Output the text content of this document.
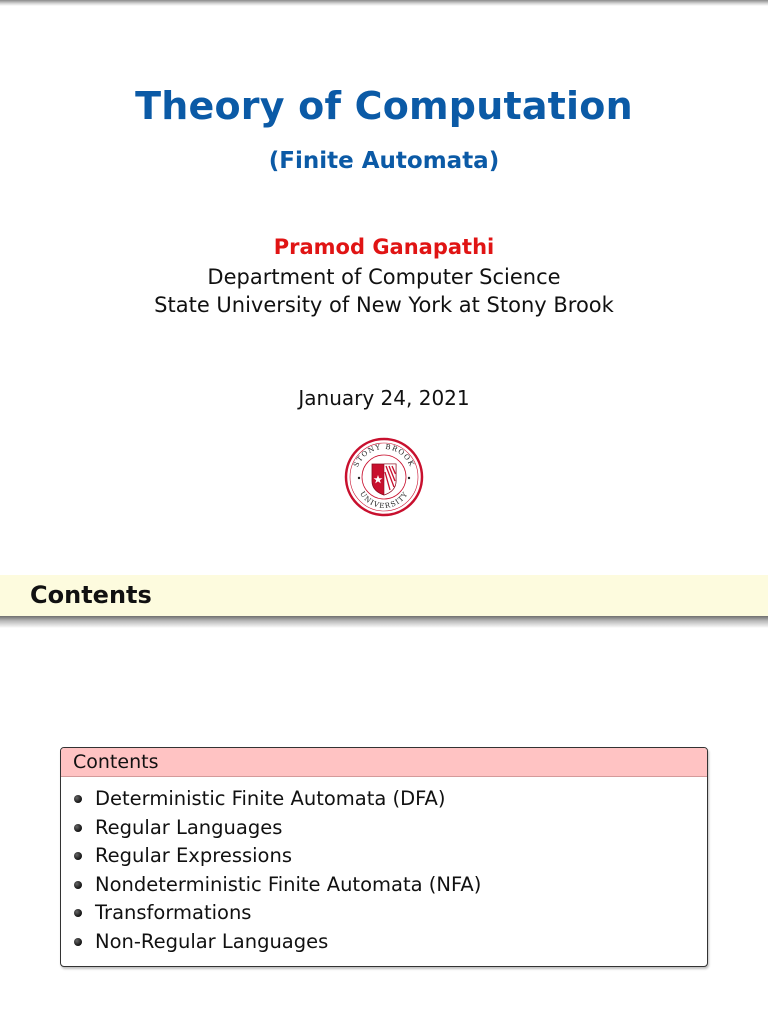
Theory of Computation
(Finite Automata)
Pramod Ganapathi
Department of Computer Science
State University of New York at Stony Brook
January 24, 2021
STONY BROOK
UNIVERSITY
Contents
Contents
Deterministic Finite Automata (DFA)
Regular Languages
Regular Expressions
Nondeterministic Finite Automata (NFA)
Transformations
Non-Regular Languages
